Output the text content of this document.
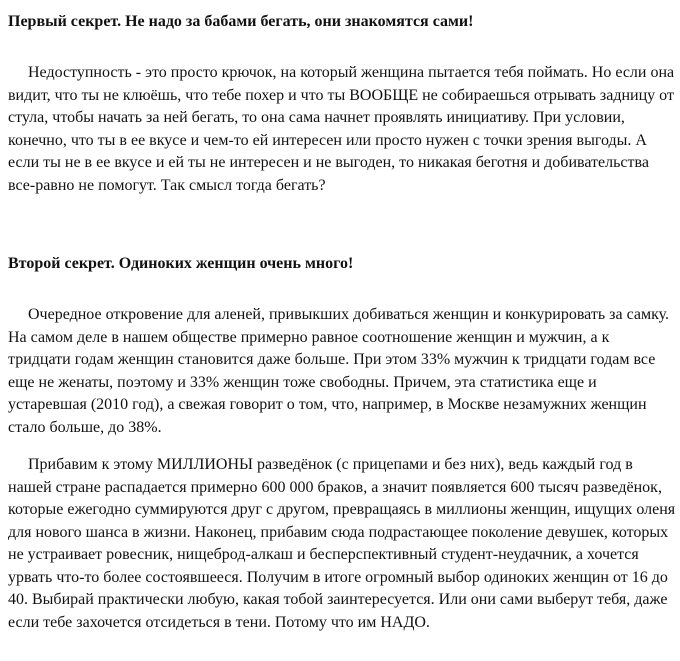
Первый секрет. Не надо за бабами бегать, они знакомятся сами!

Недоступность - это просто крючок, на который женщина пытается тебя поймать. Но если она видит, что ты не клюёшь, что тебе похер и что ты ВООБЩЕ не собираешься отрывать задницу от стула, чтобы начать за ней бегать, то она сама начнет проявлять инициативу. При условии, конечно, что ты в ее вкусе и чем-то ей интересен или просто нужен с точки зрения выгоды. А если ты не в ее вкусе и ей ты не интересен и не выгоден, то никакая беготня и добивательства все-равно не помогут. Так смысл тогда бегать?

Второй секрет. Одиноких женщин очень много!

Очередное откровение для аленей, привыкших добиваться женщин и конкурировать за самку. На самом деле в нашем обществе примерно равное соотношение женщин и мужчин, а к тридцати годам женщин становится даже больше. При этом 33% мужчин к тридцати годам все еще не женаты, поэтому и 33% женщин тоже свободны. Причем, эта статистика еще и устаревшая (2010 год), а свежая говорит о том, что, например, в Москве незамужних женщин стало больше, до 38%.

Прибавим к этому МИЛЛИОНЫ разведёнок (с прицепами и без них), ведь каждый год в нашей стране распадается примерно 600 000 браков, а значит появляется 600 тысяч разведёнок, которые ежегодно суммируются друг с другом, превращаясь в миллионы женщин, ищущих оленя для нового шанса в жизни. Наконец, прибавим сюда подрастающее поколение девушек, которых не устраивает ровесник, нищеброд-алкаш и бесперспективный студент-неудачник, а хочется урвать что-то более состоявшееся. Получим в итоге огромный выбор одиноких женщин от 16 до 40. Выбирай практически любую, какая тобой заинтересуется. Или они сами выберут тебя, даже если тебе захочется отсидеться в тени. Потому что им НАДО.
